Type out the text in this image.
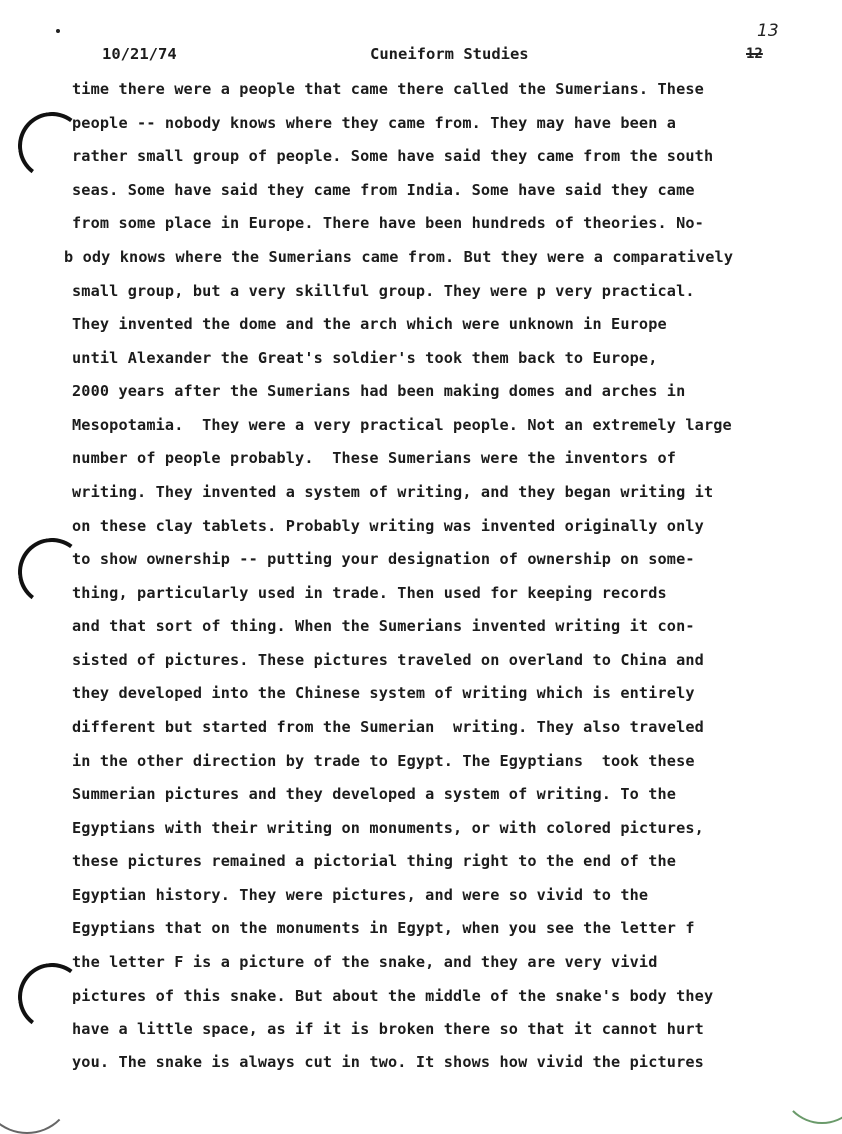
10/21/74	Cuneiform Studies
13
12
time there were a people that came there called the Sumerians. These
people -- nobody knows where they came from. They may have been a
rather small group of people. Some have said they came from the south
seas. Some have said they came from India. Some have said they came
from some place in Europe. There have been hundreds of theories. No-
b ody knows where the Sumerians came from. But they were a comparatively
small group, but a very skillful group. They were p very practical.
They invented the dome and the arch which were unknown in Europe
until Alexander the Great's soldier's took them back to Europe,
2000 years after the Sumerians had been making domes and arches in
Mesopotamia.  They were a very practical people. Not an extremely large
number of people probably.  These Sumerians were the inventors of
writing. They invented a system of writing, and they began writing it
on these clay tablets. Probably writing was invented originally only
to show ownership -- putting your designation of ownership on some-
thing, particularly used in trade. Then used for keeping records
and that sort of thing. When the Sumerians invented writing it con-
sisted of pictures. These pictures traveled on overland to China and
they developed into the Chinese system of writing which is entirely
different but started from the Sumerian  writing. They also traveled
in the other direction by trade to Egypt. The Egyptians  took these
Summerian pictures and they developed a system of writing. To the
Egyptians with their writing on monuments, or with colored pictures,
these pictures remained a pictorial thing right to the end of the
Egyptian history. They were pictures, and were so vivid to the
Egyptians that on the monuments in Egypt, when you see the letter f
the letter F is a picture of the snake, and they are very vivid
pictures of this snake. But about the middle of the snake's body they
have a little space, as if it is broken there so that it cannot hurt
you. The snake is always cut in two. It shows how vivid the pictures
